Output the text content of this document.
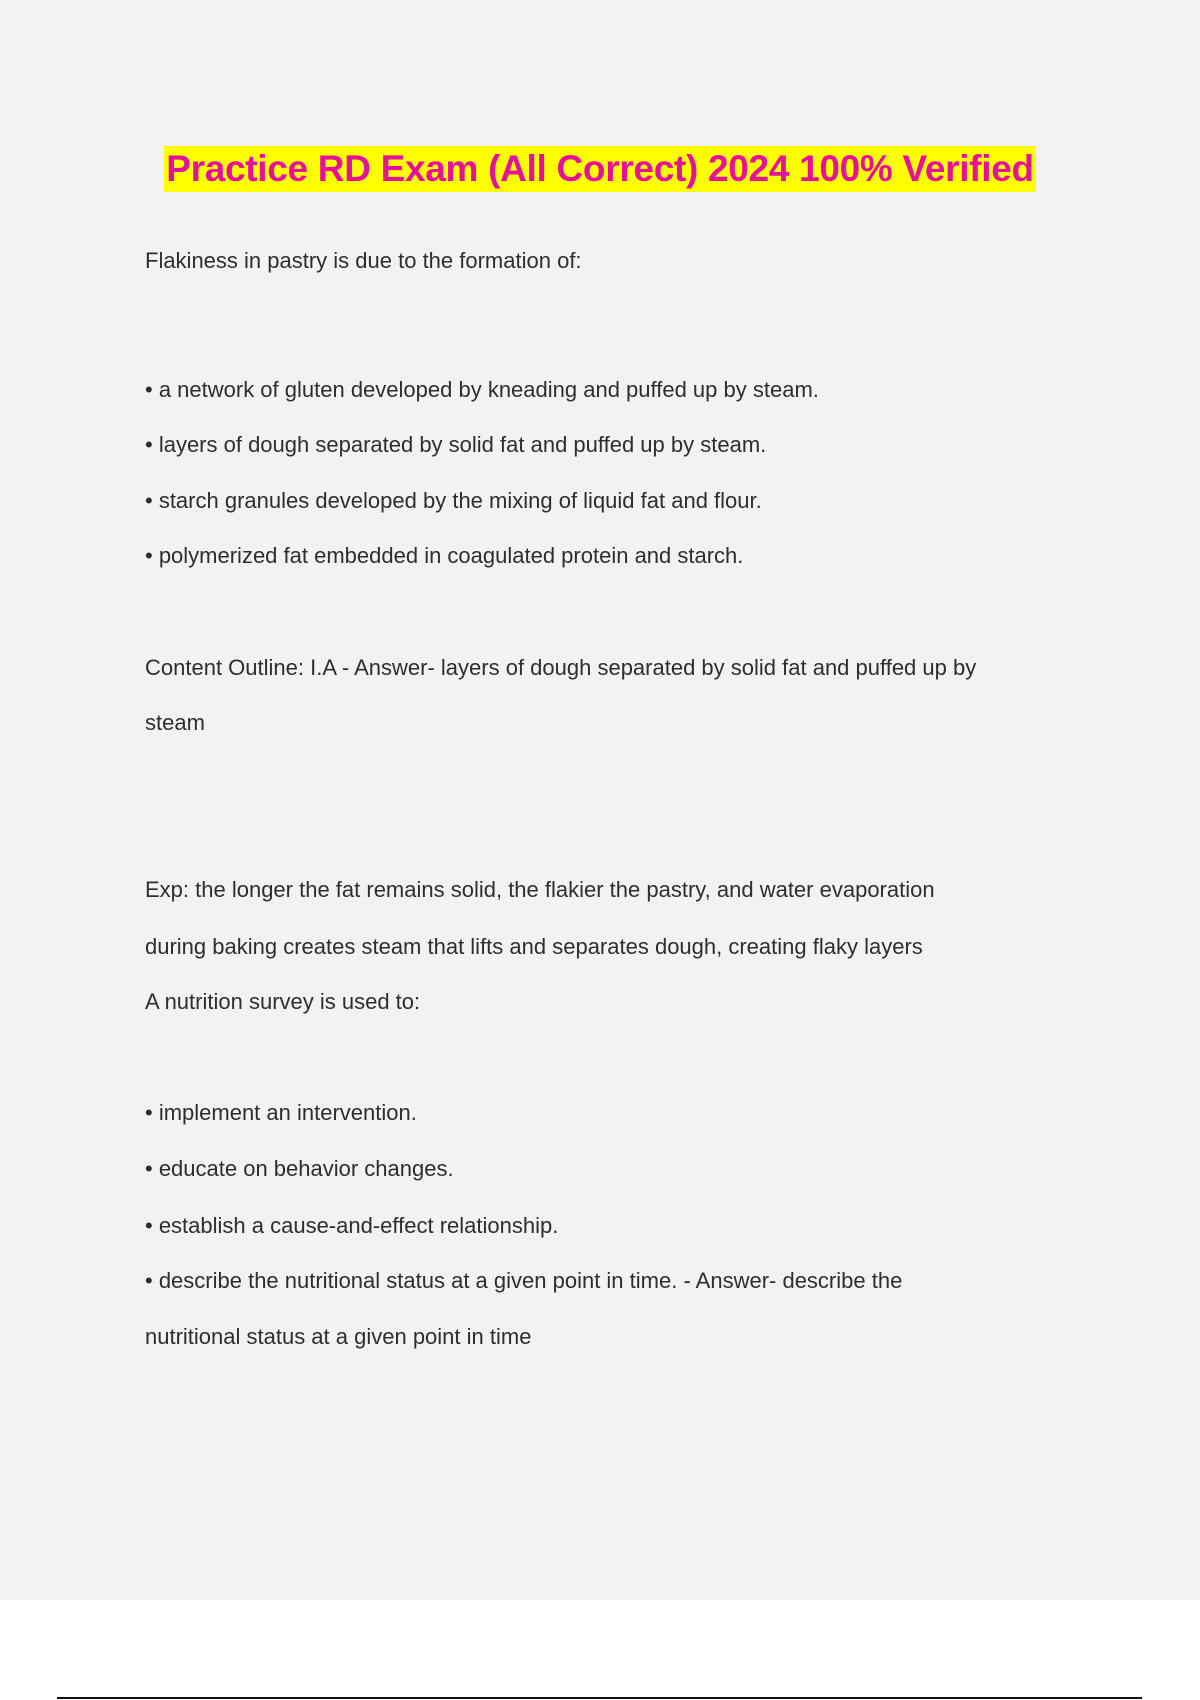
Practice RD Exam (All Correct) 2024 100% Verified
Flakiness in pastry is due to the formation of:
• a network of gluten developed by kneading and puffed up by steam.
• layers of dough separated by solid fat and puffed up by steam.
• starch granules developed by the mixing of liquid fat and flour.
• polymerized fat embedded in coagulated protein and starch.
Content Outline: I.A - Answer- layers of dough separated by solid fat and puffed up by
steam
Exp: the longer the fat remains solid, the flakier the pastry, and water evaporation
during baking creates steam that lifts and separates dough, creating flaky layers
A nutrition survey is used to:
• implement an intervention.
• educate on behavior changes.
• establish a cause-and-effect relationship.
• describe the nutritional status at a given point in time. - Answer- describe the
nutritional status at a given point in time
